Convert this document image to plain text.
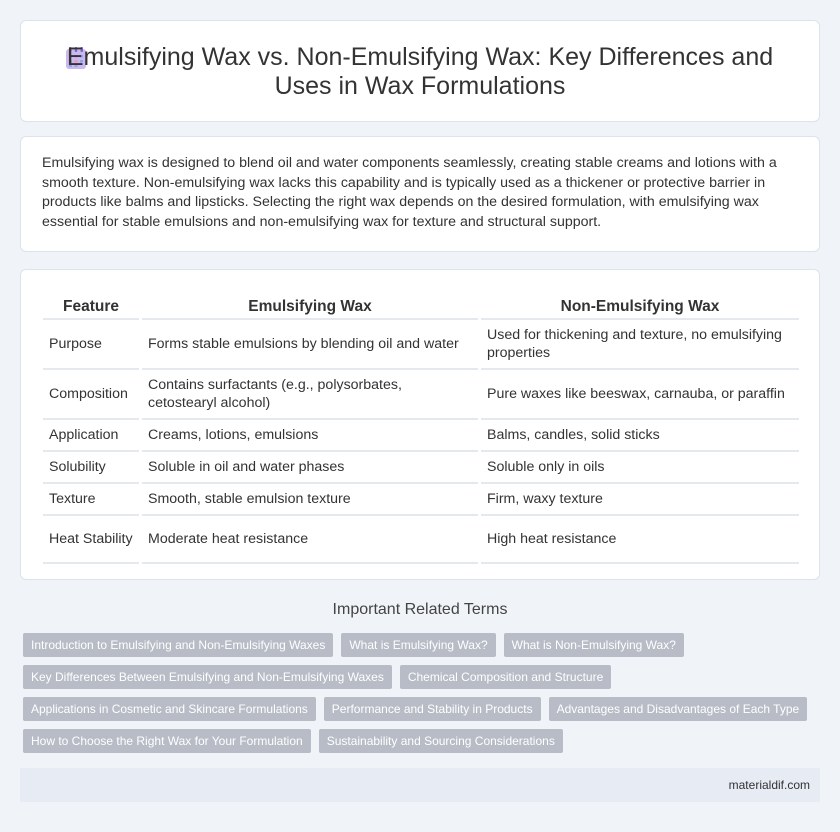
Emulsifying Wax vs. Non-Emulsifying Wax: Key Differences and Uses in Wax Formulations

Emulsifying wax is designed to blend oil and water components seamlessly, creating stable creams and lotions with a smooth texture. Non-emulsifying wax lacks this capability and is typically used as a thickener or protective barrier in products like balms and lipsticks. Selecting the right wax depends on the desired formulation, with emulsifying wax essential for stable emulsions and non-emulsifying wax for texture and structural support.

Feature		Emulsifying Wax		Non-Emulsifying Wax
Purpose		Forms stable emulsions by blending oil and water		Used for thickening and texture, no emulsifying properties
Composition		Contains surfactants (e.g., polysorbates, cetostearyl alcohol)		Pure waxes like beeswax, carnauba, or paraffin
Application		Creams, lotions, emulsions		Balms, candles, solid sticks
Solubility		Soluble in oil and water phases		Soluble only in oils
Texture		Smooth, stable emulsion texture		Firm, waxy texture
Heat Stability		Moderate heat resistance		High heat resistance
Important Related Terms
Introduction to Emulsifying and Non-Emulsifying Waxes	What is Emulsifying Wax?	What is Non-Emulsifying Wax?
Key Differences Between Emulsifying and Non-Emulsifying Waxes	Chemical Composition and Structure
Applications in Cosmetic and Skincare Formulations	Performance and Stability in Products	Advantages and Disadvantages of Each Type
How to Choose the Right Wax for Your Formulation	Sustainability and Sourcing Considerations
materialdif.com
